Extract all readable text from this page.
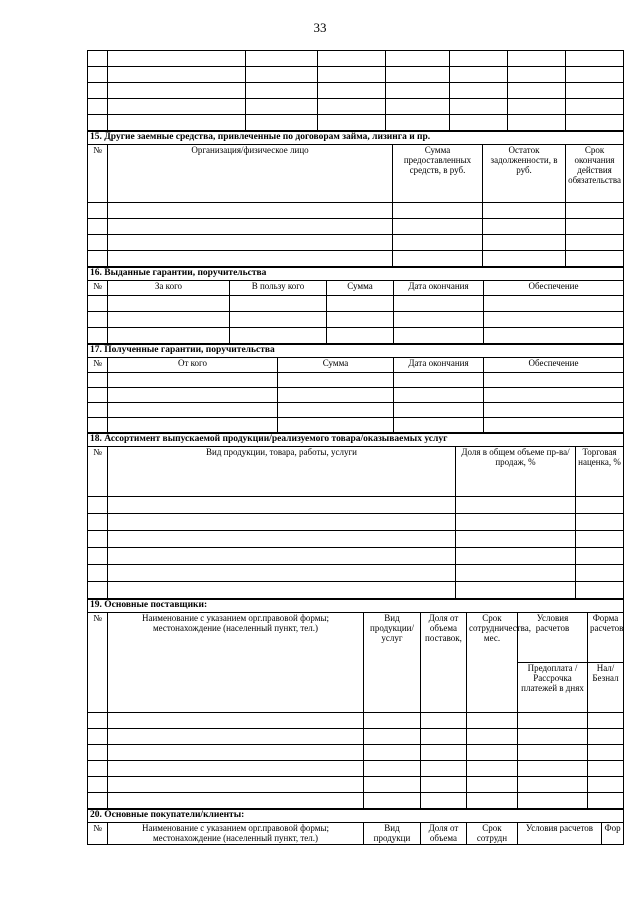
33

15. Другие заемные средства, привлеченные по договорам займа, лизинга и пр.				
№	Организация/физическое лицо	Сумма предоставленных средств, в руб.	Остаток задолженности, в руб.	Срок окончания действия обязательства

16. Выданные гарантии, поручительства					
№	За кого	В пользу кого	Сумма	Дата окончания	Обеспечение

17. Полученные гарантии, поручительства				
№	От кого	Сумма	Дата окончания	Обеспечение

18. Ассортимент выпускаемой продукции/реализуемого товара/оказываемых услуг			
№	Вид продукции, товара, работы, услуги	Доля в общем объеме пр-ва/продаж, %	Торговая наценка, %

19. Основные поставщики:						
№	Наименование с указанием орг.правовой формы; местонахождение (населенный пункт, тел.)	Вид продукции/услуг	Доля от объема поставок,	Срок сотрудничества, мес.	Условия расчетов	Форма расчетов
					Предоплата / Рассрочка платежей в днях	Нал/ Безнал

20. Основные покупатели/клиенты:
№	Наименование с указанием орг.правовой формы; местонахождение (населенный пункт, тел.)	Вид продукци	Доля от объема	Срок сотрудн	Условия расчетов	Фор
